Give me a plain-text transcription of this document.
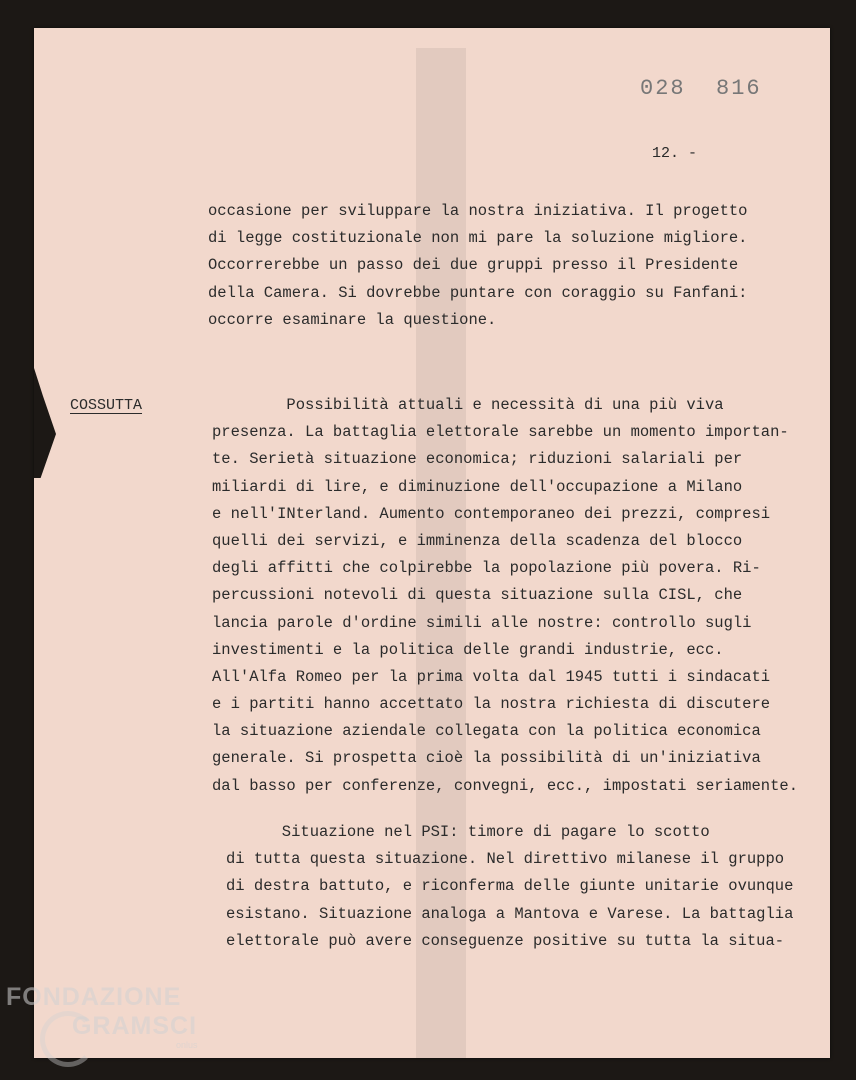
028  816
12. -
occasione per sviluppare la nostra iniziativa. Il progetto
di legge costituzionale non mi pare la soluzione migliore.
Occorrerebbe un passo dei due gruppi presso il Presidente
della Camera. Si dovrebbe puntare con coraggio su Fanfani:
occorre esaminare la questione.
COSSUTTA	Possibilità attuali e necessità di una più viva
presenza. La battaglia elettorale sarebbe un momento importan-
te. Serietà situazione economica; riduzioni salariali per
miliardi di lire, e diminuzione dell'occupazione a Milano
e nell'INterland. Aumento contemporaneo dei prezzi, compresi
quelli dei servizi, e imminenza della scadenza del blocco
degli affitti che colpirebbe la popolazione più povera. Ri-
percussioni notevoli di questa situazione sulla CISL, che
lancia parole d'ordine simili alle nostre: controllo sugli
investimenti e la politica delle grandi industrie, ecc.
All'Alfa Romeo per la prima volta dal 1945 tutti i sindacati
e i partiti hanno accettato la nostra richiesta di discutere
la situazione aziendale collegata con la politica economica
generale. Si prospetta cioè la possibilità di un'iniziativa
dal basso per conferenze, convegni, ecc., impostati seriamente.
Situazione nel PSI: timore di pagare lo scotto
di tutta questa situazione. Nel direttivo milanese il gruppo
di destra battuto, e riconferma delle giunte unitarie ovunque
esistano. Situazione analoga a Mantova e Varese. La battaglia
elettorale può avere conseguenze positive su tutta la situa-
FONDAZIONE
GRAMSCI
onlus
